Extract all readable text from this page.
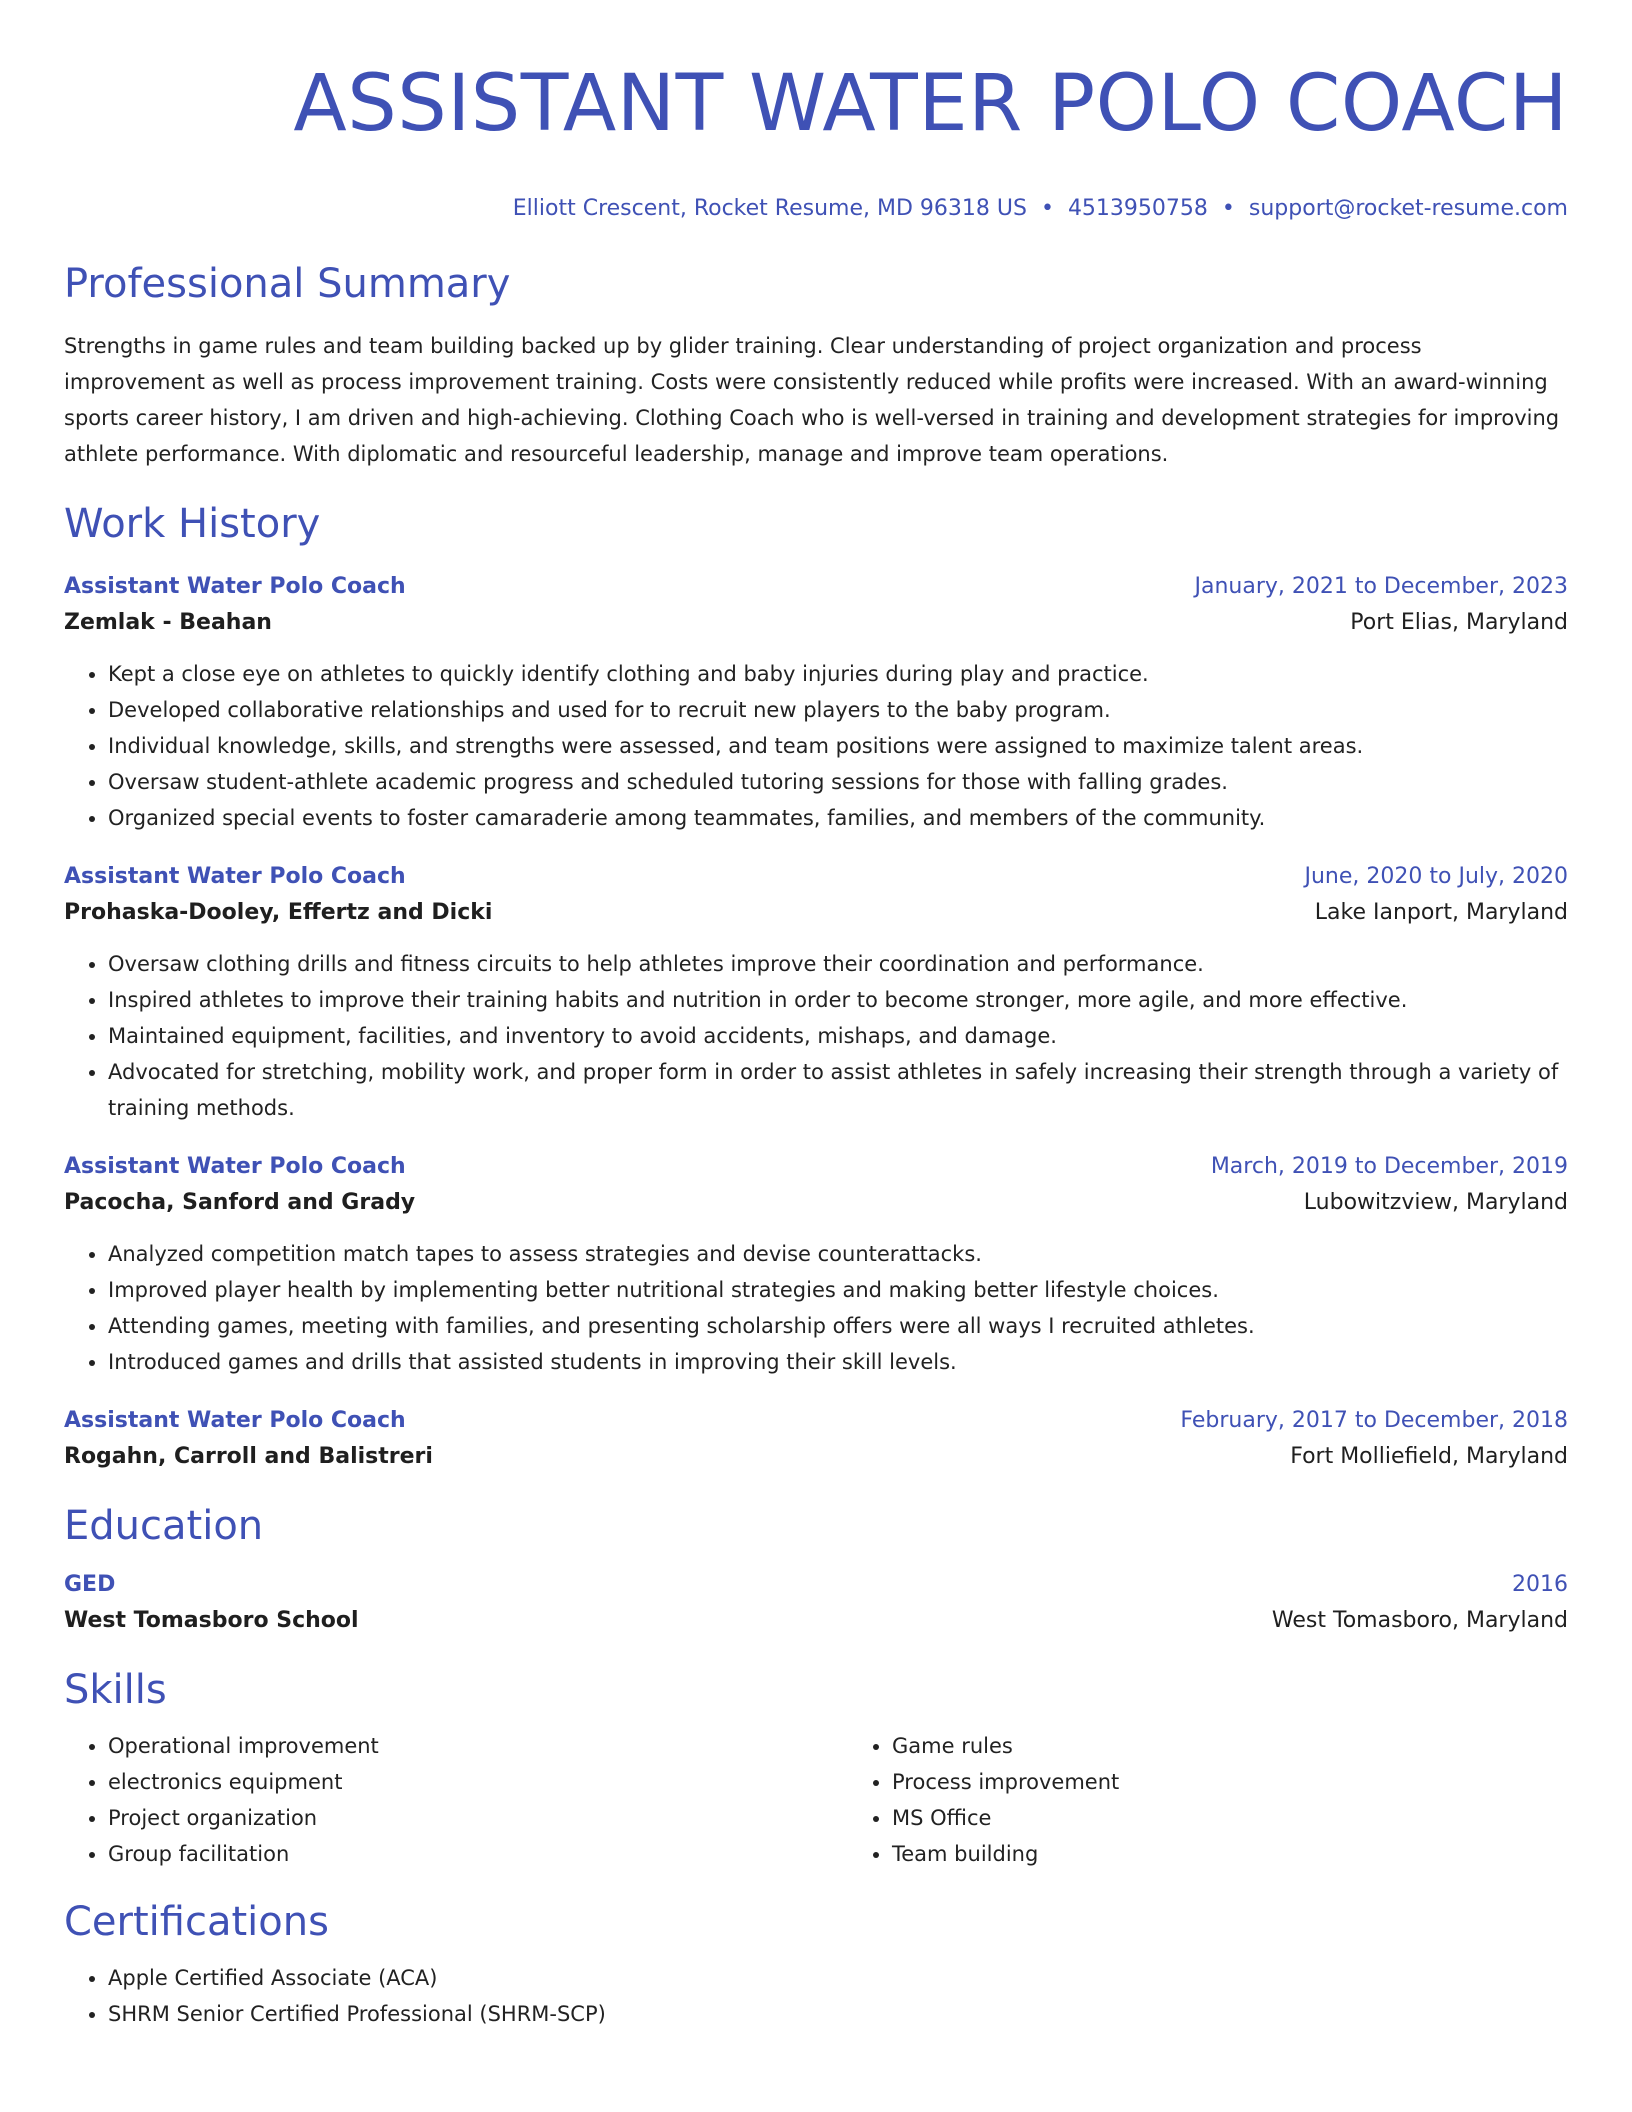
ASSISTANT WATER POLO COACH
Elliott Crescent, Rocket Resume, MD 96318 US • 4513950758 • support@rocket-resume.com
Professional Summary
Strengths in game rules and team building backed up by glider training. Clear understanding of project organization and process improvement as well as process improvement training. Costs were consistently reduced while profits were increased. With an award-winning sports career history, I am driven and high-achieving. Clothing Coach who is well-versed in training and development strategies for improving athlete performance. With diplomatic and resourceful leadership, manage and improve team operations.
Work History
Assistant Water Polo Coach	January, 2021 to December, 2023
Zemlak - Beahan	Port Elias, Maryland
• Kept a close eye on athletes to quickly identify clothing and baby injuries during play and practice.
• Developed collaborative relationships and used for to recruit new players to the baby program.
• Individual knowledge, skills, and strengths were assessed, and team positions were assigned to maximize talent areas.
• Oversaw student-athlete academic progress and scheduled tutoring sessions for those with falling grades.
• Organized special events to foster camaraderie among teammates, families, and members of the community.
Assistant Water Polo Coach	June, 2020 to July, 2020
Prohaska-Dooley, Effertz and Dicki	Lake Ianport, Maryland
• Oversaw clothing drills and fitness circuits to help athletes improve their coordination and performance.
• Inspired athletes to improve their training habits and nutrition in order to become stronger, more agile, and more effective.
• Maintained equipment, facilities, and inventory to avoid accidents, mishaps, and damage.
• Advocated for stretching, mobility work, and proper form in order to assist athletes in safely increasing their strength through a variety of training methods.
Assistant Water Polo Coach	March, 2019 to December, 2019
Pacocha, Sanford and Grady	Lubowitzview, Maryland
• Analyzed competition match tapes to assess strategies and devise counterattacks.
• Improved player health by implementing better nutritional strategies and making better lifestyle choices.
• Attending games, meeting with families, and presenting scholarship offers were all ways I recruited athletes.
• Introduced games and drills that assisted students in improving their skill levels.
Assistant Water Polo Coach	February, 2017 to December, 2018
Rogahn, Carroll and Balistreri	Fort Molliefield, Maryland
Education
GED	2016
West Tomasboro School	West Tomasboro, Maryland
Skills
• Operational improvement
• electronics equipment
• Project organization
• Group facilitation
• Game rules
• Process improvement
• MS Office
• Team building
Certifications
• Apple Certified Associate (ACA)
• SHRM Senior Certified Professional (SHRM-SCP)
